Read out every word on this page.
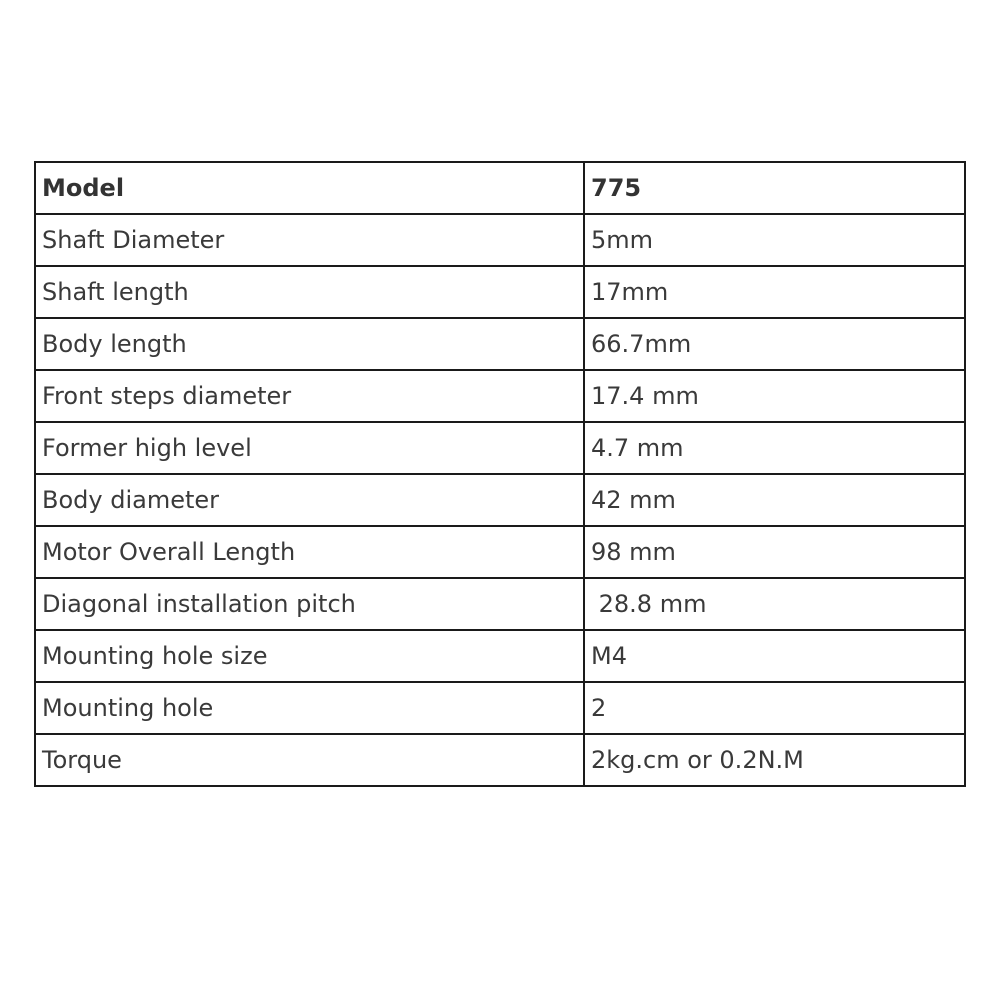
Model	775
Shaft Diameter	5mm
Shaft length	17mm
Body length	66.7mm
Front steps diameter	17.4 mm
Former high level	4.7 mm
Body diameter	42 mm
Motor Overall Length	98 mm
Diagonal installation pitch	28.8 mm
Mounting hole size	M4
Mounting hole	2
Torque	2kg.cm or 0.2N.M
